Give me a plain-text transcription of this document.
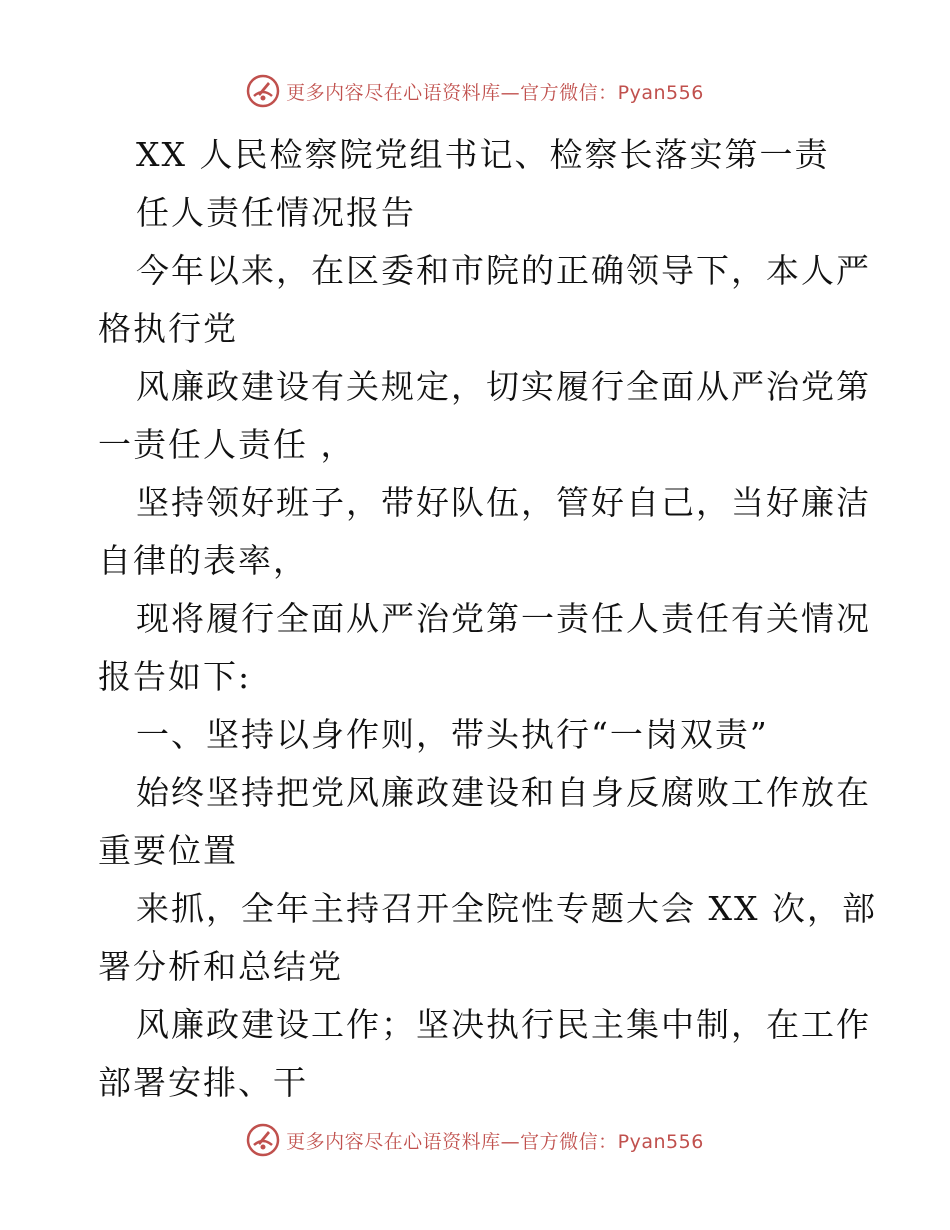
更多内容尽在心语资料库—官方微信：Pyan556
XX 人民检察院党组书记、检察长落实第一责
任人责任情况报告
今年以来，在区委和市院的正确领导下，本人严
格执行党
风廉政建设有关规定，切实履行全面从严治党第
一责任人责任 ，
坚持领好班子，带好队伍，管好自己，当好廉洁
自律的表率，
现将履行全面从严治党第一责任人责任有关情况
报告如下:
一、坚持以身作则，带头执行“一岗双责”
始终坚持把党风廉政建设和自身反腐败工作放在
重要位置
来抓，全年主持召开全院性专题大会 XX 次，部
署分析和总结党
风廉政建设工作；坚决执行民主集中制，在工作
部署安排、干
更多内容尽在心语资料库—官方微信：Pyan556
